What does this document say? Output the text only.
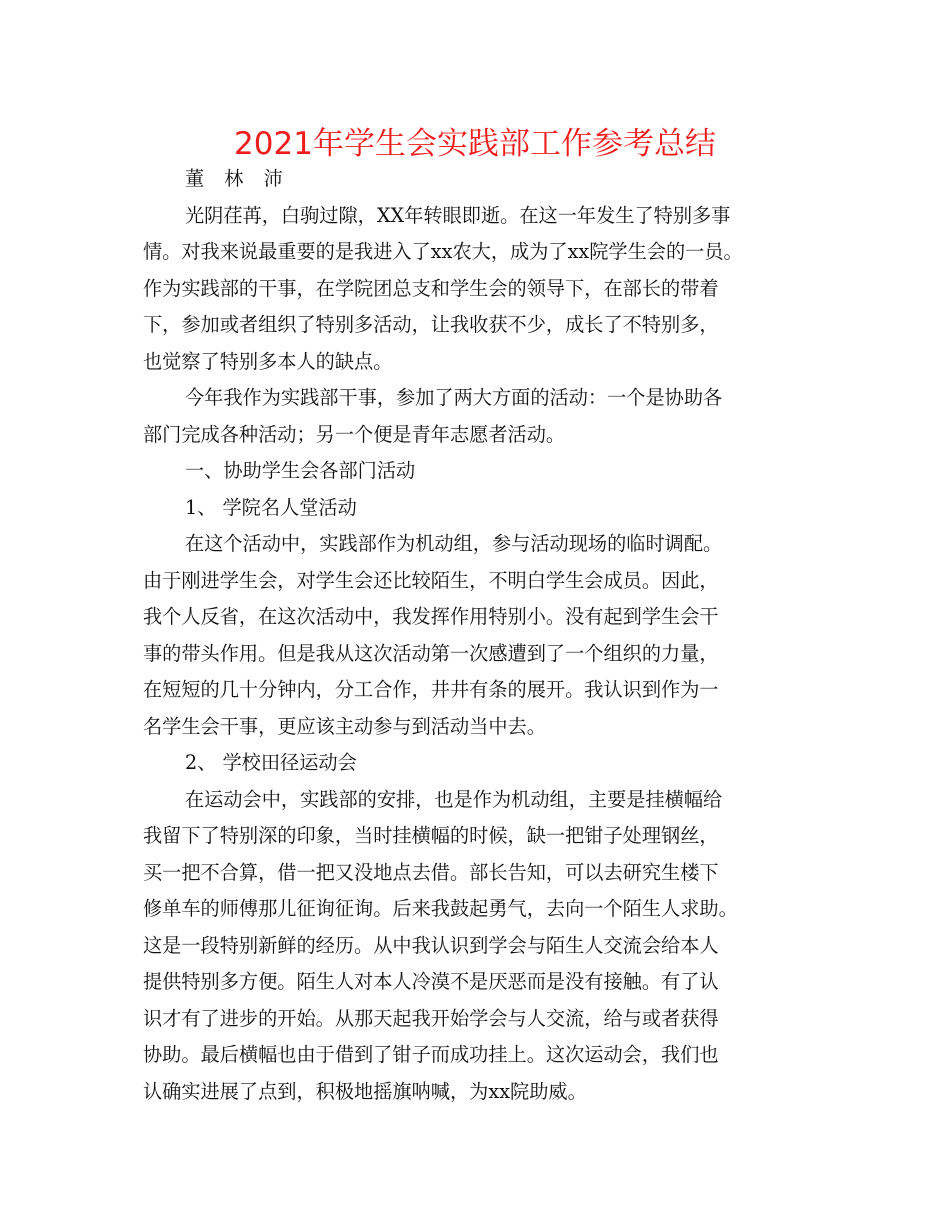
2021年学生会实践部工作参考总结
董 林 沛
光阴荏苒，白驹过隙，XX年转眼即逝。在这一年发生了特别多事
情。对我来说最重要的是我进入了xx农大，成为了xx院学生会的一员。
作为实践部的干事，在学院团总支和学生会的领导下，在部长的带着
下，参加或者组织了特别多活动，让我收获不少，成长了不特别多，
也觉察了特别多本人的缺点。
今年我作为实践部干事，参加了两大方面的活动：一个是协助各
部门完成各种活动；另一个便是青年志愿者活动。
一、协助学生会各部门活动
1、 学院名人堂活动
在这个活动中，实践部作为机动组，参与活动现场的临时调配。
由于刚进学生会，对学生会还比较陌生，不明白学生会成员。因此，
我个人反省，在这次活动中，我发挥作用特别小。没有起到学生会干
事的带头作用。但是我从这次活动第一次感遭到了一个组织的力量，
在短短的几十分钟内，分工合作，井井有条的展开。我认识到作为一
名学生会干事，更应该主动参与到活动当中去。
2、 学校田径运动会
在运动会中，实践部的安排，也是作为机动组，主要是挂横幅给
我留下了特别深的印象，当时挂横幅的时候，缺一把钳子处理钢丝，
买一把不合算，借一把又没地点去借。部长告知，可以去研究生楼下
修单车的师傅那儿征询征询。后来我鼓起勇气，去向一个陌生人求助。
这是一段特别新鲜的经历。从中我认识到学会与陌生人交流会给本人
提供特别多方便。陌生人对本人冷漠不是厌恶而是没有接触。有了认
识才有了进步的开始。从那天起我开始学会与人交流，给与或者获得
协助。最后横幅也由于借到了钳子而成功挂上。这次运动会，我们也
认确实进展了点到，积极地摇旗呐喊，为xx院助威。
